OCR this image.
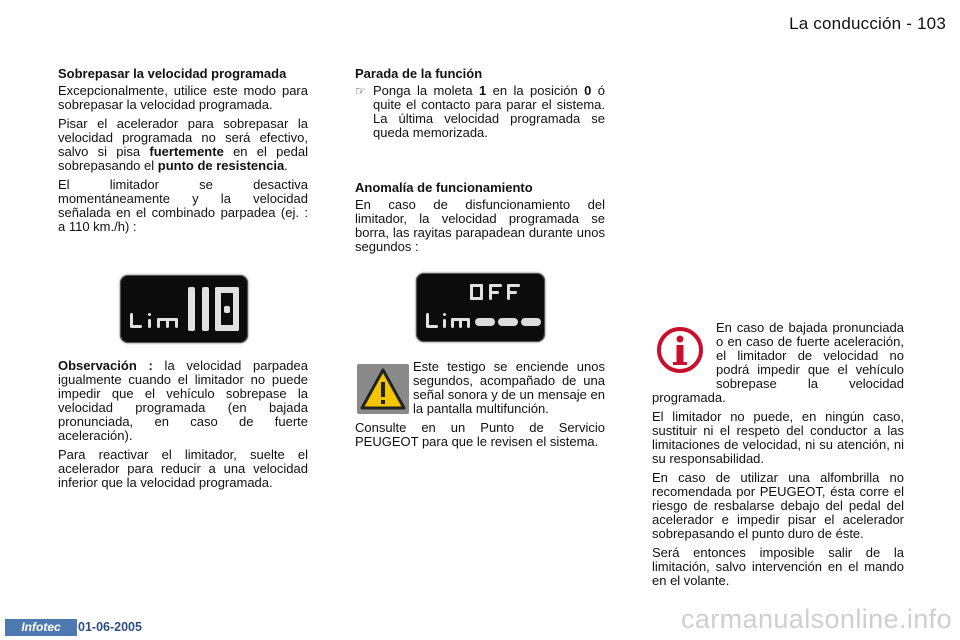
La conducción - 103

Sobrepasar la velocidad programada

Excepcionalmente, utilice este modo para sobrepasar la velocidad programada.

Pisar el acelerador para sobrepasar la velocidad programada no será efectivo, salvo si pisa fuertemente en el pedal sobrepasando el punto de resistencia.

El limitador se desactiva momentáneamente y la velocidad señalada en el combinado parpadea (ej. : a 110 km./h) :

Observación : la velocidad parpadea igualmente cuando el limitador no puede impedir que el vehículo sobrepase la velocidad programada (en bajada pronunciada, en caso de fuerte aceleración).

Para reactivar el limitador, suelte el acelerador para reducir a una velocidad inferior que la velocidad programada.

Parada de la función

☞ Ponga la moleta 1 en la posición 0 ó quite el contacto para parar el sistema. La última velocidad programada se queda memorizada.

Anomalía de funcionamiento

En caso de disfuncionamiento del limitador, la velocidad programada se borra, las rayitas parapadean durante unos segundos :

Este testigo se enciende unos segundos, acompañado de una señal sonora y de un mensaje en la pantalla multifunción.

Consulte en un Punto de Servicio PEUGEOT para que le revisen el sistema.

En caso de bajada pronunciada o en caso de fuerte aceleración, el limitador de velocidad no podrá impedir que el vehículo sobrepase la velocidad programada.

El limitador no puede, en ningún caso, sustituir ni el respeto del conductor a las limitaciones de velocidad, ni su atención, ni su responsabilidad.

En caso de utilizar una alfombrilla no recomendada por PEUGEOT, ésta corre el riesgo de resbalarse debajo del pedal del acelerador e impedir pisar el acelerador sobrepasando el punto duro de éste.

Será entonces imposible salir de la limitación, salvo intervención en el mando en el volante.

Infotec	01-06-2005	carmanualsonline.info
